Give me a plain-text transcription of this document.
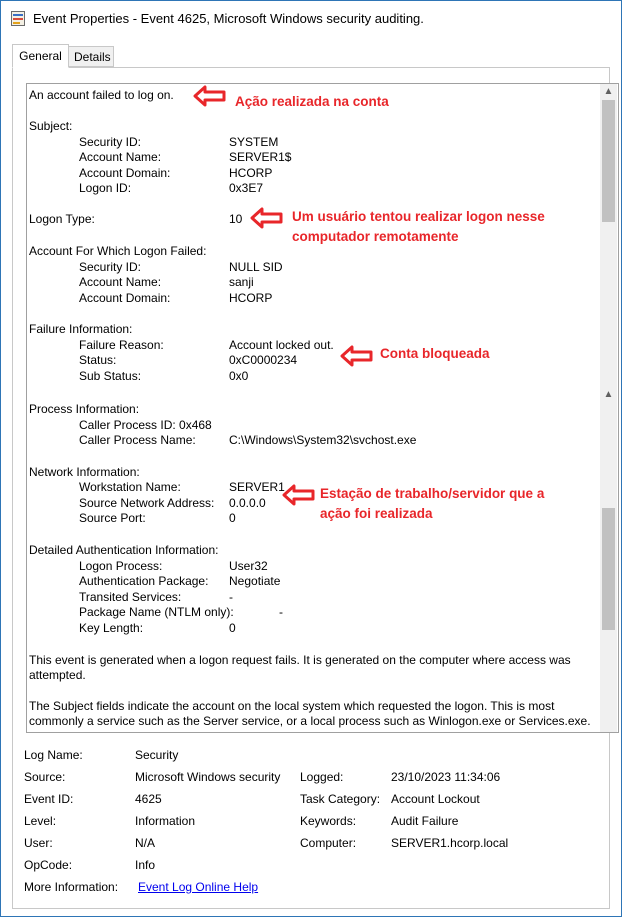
Event Properties - Event 4625, Microsoft Windows security auditing.
General	Details
An account failed to log on.
Subject:
Security ID:	SYSTEM
Account Name:	SERVER1$
Account Domain:	HCORP
Logon ID:	0x3E7
Logon Type:	10
Account For Which Logon Failed:
Security ID:	NULL SID
Account Name:	sanji
Account Domain:	HCORP
Failure Information:
Failure Reason:	Account locked out.
Status:	0xC0000234
Sub Status:	0x0
Process Information:
Caller Process ID: 0x468
Caller Process Name:	C:\Windows\System32\svchost.exe
Network Information:
Workstation Name:	SERVER1
Source Network Address: 0.0.0.0
Source Port:	0
Detailed Authentication Information:
Logon Process:	User32
Authentication Package: Negotiate
Transited Services:	-
Package Name (NTLM only):	-
Key Length:	0
This event is generated when a logon request fails. It is generated on the computer where access was
attempted.
The Subject fields indicate the account on the local system which requested the logon. This is most
commonly a service such as the Server service, or a local process such as Winlogon.exe or Services.exe.
▲
▲
Ação realizada na conta
Um usuário tentou realizar logon nesse
computador remotamente
Conta bloqueada
Estação de trabalho/servidor que a
ação foi realizada
Log Name:	Security
Source:	Microsoft Windows security Logged:	23/10/2023 11:34:06
Event ID:	4625	Task Category: Account Lockout
Level:	Information	Keywords:	Audit Failure
User:	N/A	Computer:	SERVER1.hcorp.local
OpCode:	Info
More Information: Event Log Online Help
